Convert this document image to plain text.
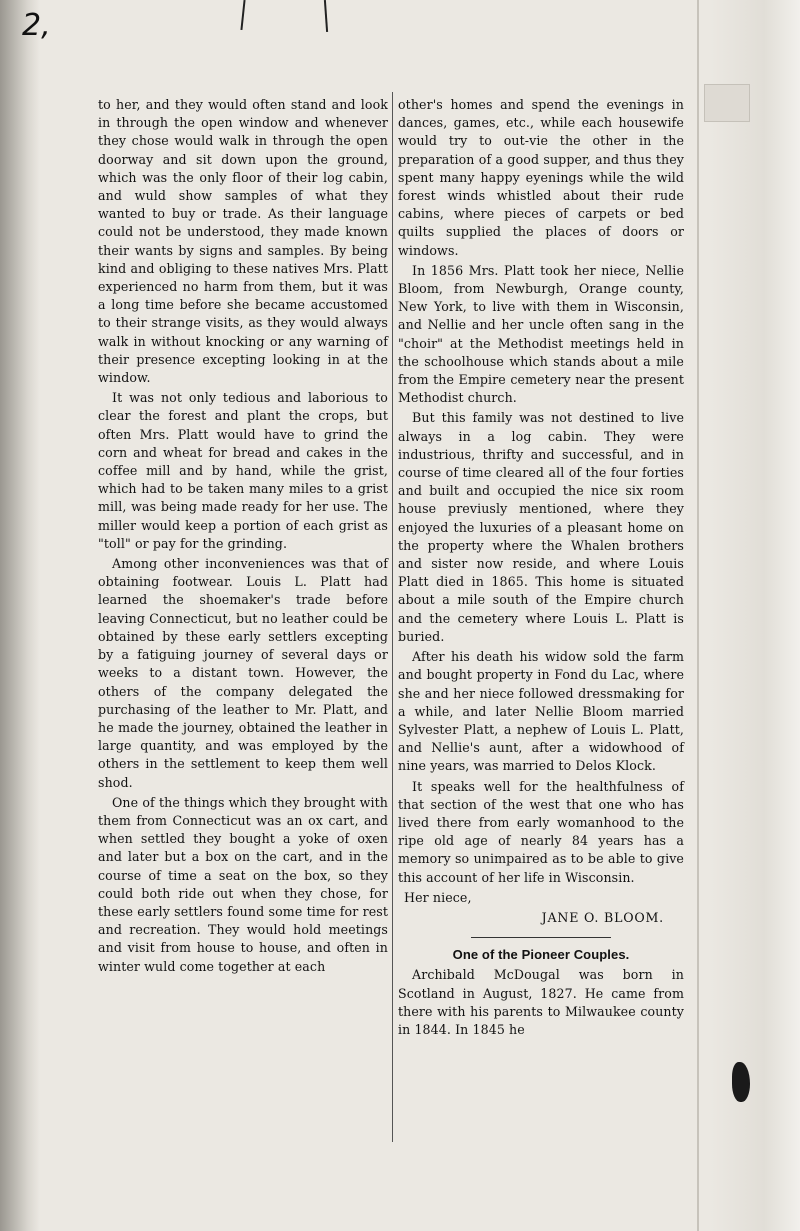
2,

to her, and they would often stand and look in through the open window and whenever they chose would walk in through the open doorway and sit down upon the ground, which was the only floor of their log cabin, and wuld show samples of what they wanted to buy or trade. As their language could not be understood, they made known their wants by signs and samples. By being kind and obliging to these natives Mrs. Platt experienced no harm from them, but it was a long time before she became accustomed to their strange visits, as they would always walk in without knocking or any warning of their presence excepting looking in at the window.

It was not only tedious and laborious to clear the forest and plant the crops, but often Mrs. Platt would have to grind the corn and wheat for bread and cakes in the coffee mill and by hand, while the grist, which had to be taken many miles to a grist mill, was being made ready for her use. The miller would keep a portion of each grist as "toll" or pay for the grinding.

Among other inconveniences was that of obtaining footwear. Louis L. Platt had learned the shoemaker's trade before leaving Connecticut, but no leather could be obtained by these early settlers excepting by a fatiguing journey of several days or weeks to a distant town. However, the others of the company delegated the purchasing of the leather to Mr. Platt, and he made the journey, obtained the leather in large quantity, and was employed by the others in the settlement to keep them well shod.

One of the things which they brought with them from Connecticut was an ox cart, and when settled they bought a yoke of oxen and later but a box on the cart, and in the course of time a seat on the box, so they could both ride out when they chose, for these early settlers found some time for rest and recreation. They would hold meetings and visit from house to house, and often in winter wuld come together at each

other's homes and spend the evenings in dances, games, etc., while each housewife would try to out-vie the other in the preparation of a good supper, and thus they spent many happy eyenings while the wild forest winds whistled about their rude cabins, where pieces of carpets or bed quilts supplied the places of doors or windows.

In 1856 Mrs. Platt took her niece, Nellie Bloom, from Newburgh, Orange county, New York, to live with them in Wisconsin, and Nellie and her uncle often sang in the "choir" at the Methodist meetings held in the schoolhouse which stands about a mile from the Empire cemetery near the present Methodist church.

But this family was not destined to live always in a log cabin. They were industrious, thrifty and successful, and in course of time cleared all of the four forties and built and occupied the nice six room house previusly mentioned, where they enjoyed the luxuries of a pleasant home on the property where the Whalen brothers and sister now reside, and where Louis Platt died in 1865. This home is situated about a mile south of the Empire church and the cemetery where Louis L. Platt is buried.

After his death his widow sold the farm and bought property in Fond du Lac, where she and her niece followed dressmaking for a while, and later Nellie Bloom married Sylvester Platt, a nephew of Louis L. Platt, and Nellie's aunt, after a widowhood of nine years, was married to Delos Klock.

It speaks well for the healthfulness of that section of the west that one who has lived there from early womanhood to the ripe old age of nearly 84 years has a memory so unimpaired as to be able to give this account of her life in Wisconsin.

Her niece,

JANE O. BLOOM.

One of the Pioneer Couples.

Archibald McDougal was born in Scotland in August, 1827. He came from there with his parents to Milwaukee county in 1844. In 1845 he
